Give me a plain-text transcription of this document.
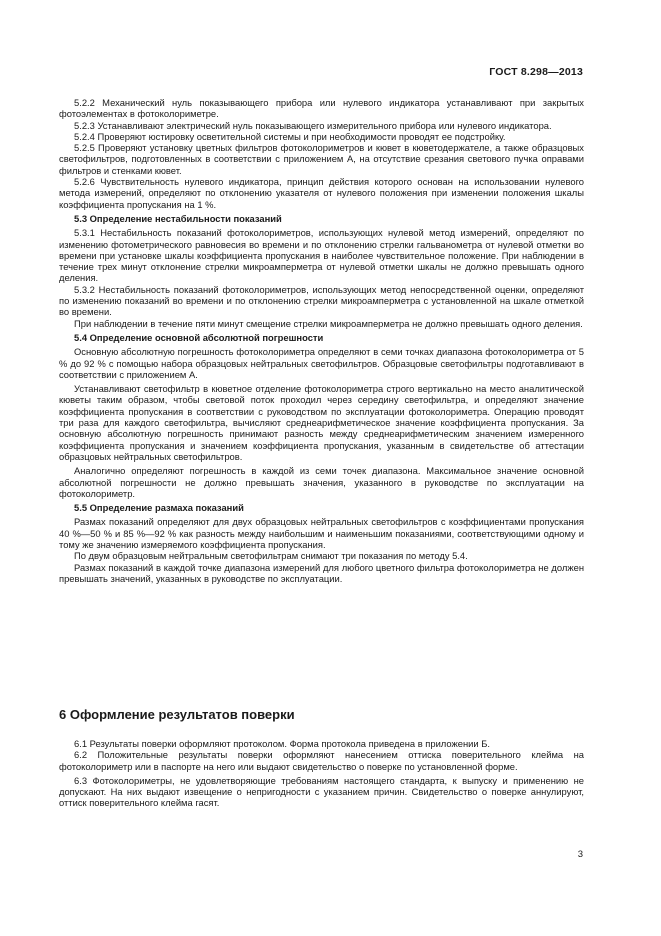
ГОСТ 8.298—2013

5.2.2 Механический нуль показывающего прибора или нулевого индикатора устанавливают при закрытых фотоэлементах в фотоколориметре.

5.2.3 Устанавливают электрический нуль показывающего измерительного прибора или нулевого индикатора.

5.2.4 Проверяют юстировку осветительной системы и при необходимости проводят ее подстройку.

5.2.5 Проверяют установку цветных фильтров фотоколориметров и кювет в кюветодержателе, а также образцовых светофильтров, подготовленных в соответствии с приложением А, на отсутствие срезания светового пучка оправами фильтров и стенками кювет.

5.2.6 Чувствительность нулевого индикатора, принцип действия которого основан на использовании нулевого метода измерений, определяют по отклонению указателя от нулевого положения при изменении положения шкалы коэффициента пропускания на 1 %.

5.3 Определение нестабильности показаний

5.3.1 Нестабильность показаний фотоколориметров, использующих нулевой метод измерений, определяют по изменению фотометрического равновесия во времени и по отклонению стрелки гальванометра от нулевой отметки во времени при установке шкалы коэффициента пропускания в наиболее чувствительное положение. При наблюдении в течение трех минут отклонение стрелки микроамперметра от нулевой отметки шкалы не должно превышать одного деления.

5.3.2 Нестабильность показаний фотоколориметров, использующих метод непосредственной оценки, определяют по изменению показаний во времени и по отклонению стрелки микроамперметра с установленной на шкале отметкой во времени.

При наблюдении в течение пяти минут смещение стрелки микроамперметра не должно превышать одного деления.

5.4 Определение основной абсолютной погрешности

Основную абсолютную погрешность фотоколориметра определяют в семи точках диапазона фотоколориметра от 5 % до 92 % с помощью набора образцовых нейтральных светофильтров. Образцовые светофильтры подготавливают в соответствии с приложением А.

Устанавливают светофильтр в кюветное отделение фотоколориметра строго вертикально на место аналитической кюветы таким образом, чтобы световой поток проходил через середину светофильтра, и определяют значение коэффициента пропускания в соответствии с руководством по эксплуатации фотоколориметра. Операцию проводят три раза для каждого светофильтра, вычисляют среднеарифметическое значение коэффициента пропускания. За основную абсолютную погрешность принимают разность между среднеарифметическим значением измеренного коэффициента пропускания и значением коэффициента пропускания, указанным в свидетельстве об аттестации образцовых нейтральных светофильтров.

Аналогично определяют погрешность в каждой из семи точек диапазона. Максимальное значение основной абсолютной погрешности не должно превышать значения, указанного в руководстве по эксплуатации на фотоколориметр.

5.5 Определение размаха показаний

Размах показаний определяют для двух образцовых нейтральных светофильтров с коэффициентами пропускания 40 %—50 % и 85 %—92 % как разность между наибольшим и наименьшим показаниями, соответствующими одному и тому же значению измеряемого коэффициента пропускания.

По двум образцовым нейтральным светофильтрам снимают три показания по методу 5.4.

Размах показаний в каждой точке диапазона измерений для любого цветного фильтра фотоколориметра не должен превышать значений, указанных в руководстве по эксплуатации.

6 Оформление результатов поверки

6.1 Результаты поверки оформляют протоколом. Форма протокола приведена в приложении Б.

6.2 Положительные результаты поверки оформляют нанесением оттиска поверительного клейма на фотоколориметр или в паспорте на него или выдают свидетельство о поверке по установленной форме.

6.3 Фотоколориметры, не удовлетворяющие требованиям настоящего стандарта, к выпуску и применению не допускают. На них выдают извещение о непригодности с указанием причин. Свидетельство о поверке аннулируют, оттиск поверительного клейма гасят.

3
